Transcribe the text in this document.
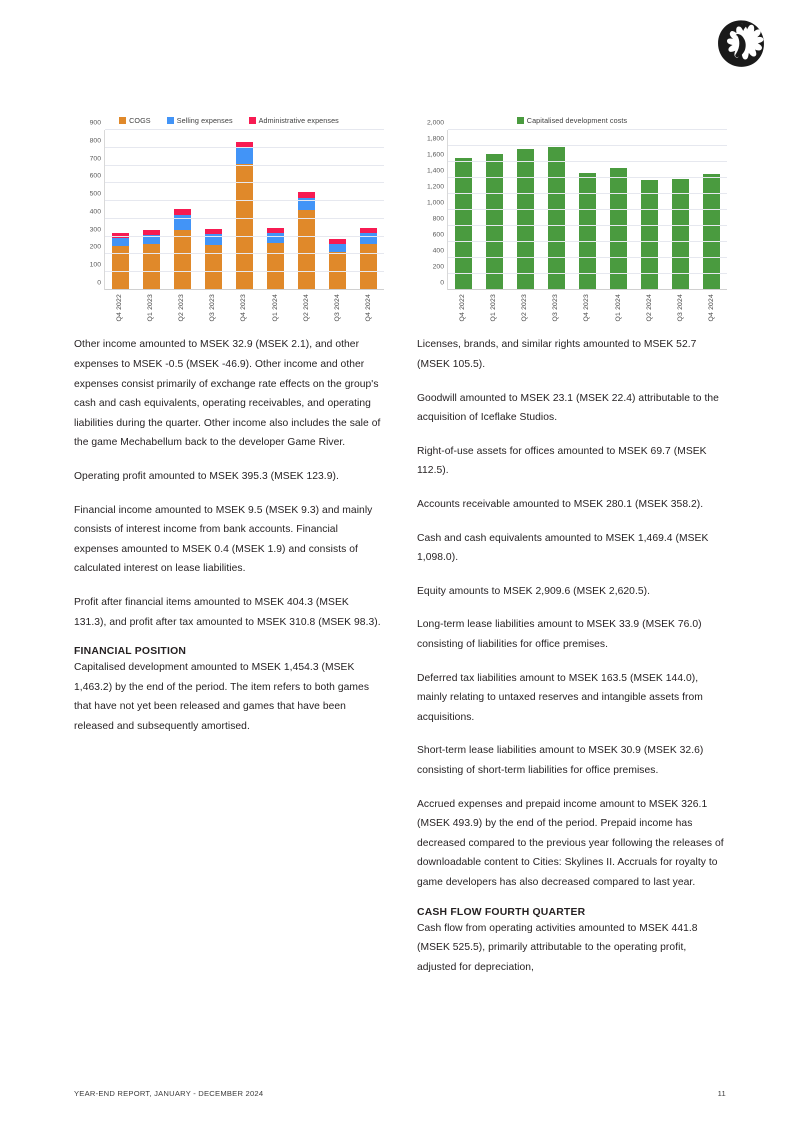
COGS	Selling expenses	Administrative expenses
0
100
200
300
400
500
600
700
800
900
Q4 2022	Q1 2023	Q2 2023	Q3 2023	Q4 2023	Q1 2024	Q2 2024	Q3 2024	Q4 2024

Other income amounted to MSEK 32.9 (MSEK 2.1), and other expenses to MSEK -0.5 (MSEK -46.9). Other income and other expenses consist primarily of exchange rate effects on the group's cash and cash equivalents, operating receivables, and operating liabilities during the quarter. Other income also includes the sale of the game Mechabellum back to the developer Game River.

Operating profit amounted to MSEK 395.3 (MSEK 123.9).

Financial income amounted to MSEK 9.5 (MSEK 9.3) and mainly consists of interest income from bank accounts. Financial expenses amounted to MSEK 0.4 (MSEK 1.9) and consists of calculated interest on lease liabilities.

Profit after financial items amounted to MSEK 404.3 (MSEK 131.3), and profit after tax amounted to MSEK 310.8 (MSEK 98.3).

FINANCIAL POSITION

Capitalised development amounted to MSEK 1,454.3 (MSEK 1,463.2) by the end of the period. The item refers to both games that have not yet been released and games that have been released and subsequently amortised.

Capitalised development costs
0
200
400
600
800
1,000
1,200
1,400
1,600
1,800
2,000
Q4 2022	Q1 2023	Q2 2023	Q3 2023	Q4 2023	Q1 2024	Q2 2024	Q3 2024	Q4 2024

Licenses, brands, and similar rights amounted to MSEK 52.7 (MSEK 105.5).

Goodwill amounted to MSEK 23.1 (MSEK 22.4) attributable to the acquisition of Iceflake Studios.

Right-of-use assets for offices amounted to MSEK 69.7 (MSEK 112.5).

Accounts receivable amounted to MSEK 280.1 (MSEK 358.2).

Cash and cash equivalents amounted to MSEK 1,469.4 (MSEK 1,098.0).

Equity amounts to MSEK 2,909.6 (MSEK 2,620.5).

Long-term lease liabilities amount to MSEK 33.9 (MSEK 76.0) consisting of liabilities for office premises.

Deferred tax liabilities amount to MSEK 163.5 (MSEK 144.0), mainly relating to untaxed reserves and intangible assets from acquisitions.

Short-term lease liabilities amount to MSEK 30.9 (MSEK 32.6) consisting of short-term liabilities for office premises.

Accrued expenses and prepaid income amount to MSEK 326.1 (MSEK 493.9) by the end of the period. Prepaid income has decreased compared to the previous year following the releases of downloadable content to Cities: Skylines II. Accruals for royalty to game developers has also decreased compared to last year.

CASH FLOW FOURTH QUARTER

Cash flow from operating activities amounted to MSEK 441.8 (MSEK 525.5), primarily attributable to the operating profit, adjusted for depreciation,

YEAR-END REPORT, JANUARY - DECEMBER 2024	11
